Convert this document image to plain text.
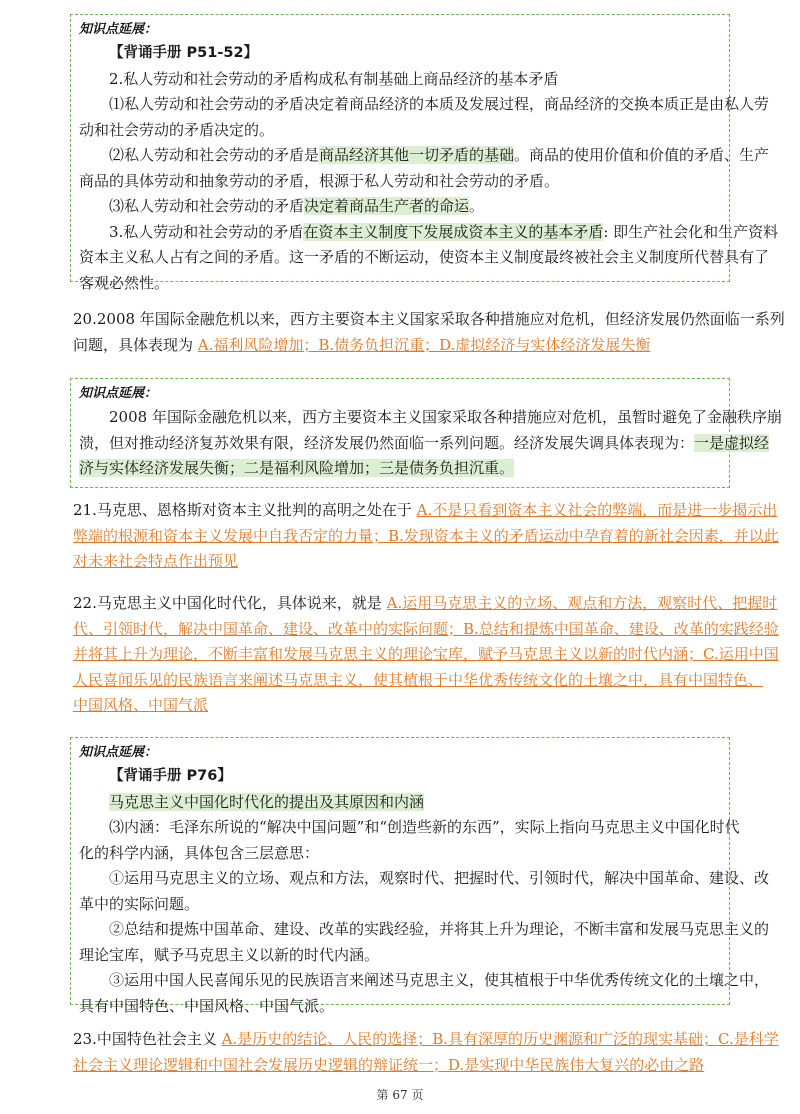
知识点延展：
【背诵手册 P51-52】
2.私人劳动和社会劳动的矛盾构成私有制基础上商品经济的基本矛盾
⑴私人劳动和社会劳动的矛盾决定着商品经济的本质及发展过程，商品经济的交换本质正是由私人劳
动和社会劳动的矛盾决定的。
⑵私人劳动和社会劳动的矛盾是商品经济其他一切矛盾的基础。商品的使用价值和价值的矛盾、生产
商品的具体劳动和抽象劳动的矛盾，根源于私人劳动和社会劳动的矛盾。
⑶私人劳动和社会劳动的矛盾决定着商品生产者的命运。
3.私人劳动和社会劳动的矛盾在资本主义制度下发展成资本主义的基本矛盾: 即生产社会化和生产资料
资本主义私人占有之间的矛盾。这一矛盾的不断运动，使资本主义制度最终被社会主义制度所代替具有了
客观必然性。
20.2008 年国际金融危机以来，西方主要资本主义国家采取各种措施应对危机，但经济发展仍然面临一系列
问题，具体表现为 A.福利风险增加；B.债务负担沉重；D.虚拟经济与实体经济发展失衡
知识点延展：
2008 年国际金融危机以来，西方主要资本主义国家采取各种措施应对危机，虽暂时避免了金融秩序崩
溃，但对推动经济复苏效果有限，经济发展仍然面临一系列问题。经济发展失调具体表现为：一是虚拟经
济与实体经济发展失衡；二是福利风险增加；三是债务负担沉重。
21.马克思、恩格斯对资本主义批判的高明之处在于 A.不是只看到资本主义社会的弊端，而是进一步揭示出
弊端的根源和资本主义发展中自我否定的力量；B.发现资本主义的矛盾运动中孕育着的新社会因素，并以此
对未来社会特点作出预见
22.马克思主义中国化时代化，具体说来，就是 A.运用马克思主义的立场、观点和方法，观察时代、把握时
代、引领时代，解决中国革命、建设、改革中的实际问题；B.总结和提炼中国革命、建设、改革的实践经验
并将其上升为理论，不断丰富和发展马克思主义的理论宝库，赋予马克思主义以新的时代内涵；C.运用中国
人民喜闻乐见的民族语言来阐述马克思主义，使其植根于中华优秀传统文化的土壤之中，具有中国特色、
中国风格、中国气派
知识点延展：
【背诵手册 P76】
马克思主义中国化时代化的提出及其原因和内涵
⑶内涵：毛泽东所说的“解决中国问题”和“创造些新的东西”，实际上指向马克思主义中国化时代
化的科学内涵，具体包含三层意思：
①运用马克思主义的立场、观点和方法，观察时代、把握时代、引领时代，解决中国革命、建设、改
革中的实际问题。
②总结和提炼中国革命、建设、改革的实践经验，并将其上升为理论，不断丰富和发展马克思主义的
理论宝库，赋予马克思主义以新的时代内涵。
③运用中国人民喜闻乐见的民族语言来阐述马克思主义，使其植根于中华优秀传统文化的土壤之中，
具有中国特色、中国风格、中国气派。
23.中国特色社会主义 A.是历史的结论、人民的选择；B.具有深厚的历史渊源和广泛的现实基础；C.是科学
社会主义理论逻辑和中国社会发展历史逻辑的辩证统一；D.是实现中华民族伟大复兴的必由之路
第 67 页
